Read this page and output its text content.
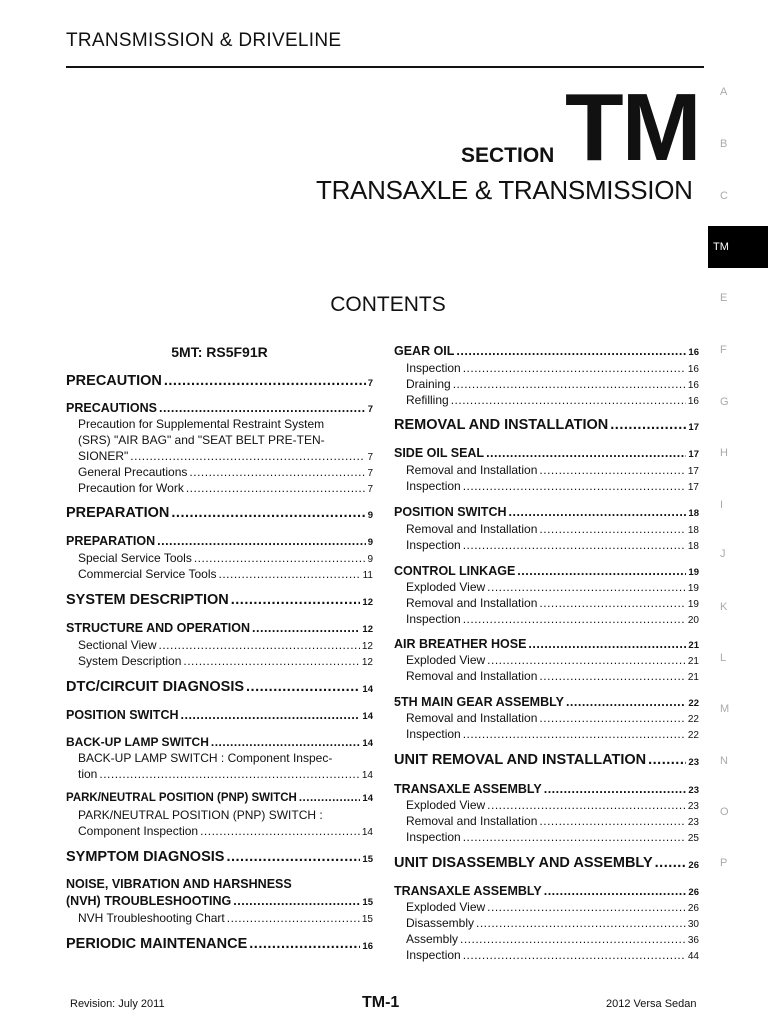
TRANSMISSION & DRIVELINE
SECTION TM
TRANSAXLE & TRANSMISSION
CONTENTS
A
B
C
TM
E
F
G
H
I
J
K
L
M
N
O
P
5MT: RS5F91R
PRECAUTION .....	7
PRECAUTIONS .....	7
Precaution for Supplemental Restraint System
(SRS) "AIR BAG" and "SEAT BELT PRE-TEN-
SIONER" .....	7
General Precautions .....	7
Precaution for Work .....	7
PREPARATION .....	9
PREPARATION .....	9
Special Service Tools .....	9
Commercial Service Tools .....	11
SYSTEM DESCRIPTION .....	12
STRUCTURE AND OPERATION .....	12
Sectional View .....	12
System Description .....	12
DTC/CIRCUIT DIAGNOSIS .....	14
POSITION SWITCH .....	14
BACK-UP LAMP SWITCH .....	14
BACK-UP LAMP SWITCH : Component Inspec-
tion .....	14
PARK/NEUTRAL POSITION (PNP) SWITCH .....	14
PARK/NEUTRAL POSITION (PNP) SWITCH :
Component Inspection .....	14
SYMPTOM DIAGNOSIS .....	15
NOISE, VIBRATION AND HARSHNESS
(NVH) TROUBLESHOOTING .....	15
NVH Troubleshooting Chart .....	15
PERIODIC MAINTENANCE .....	16
GEAR OIL .....	16
Inspection .....	16
Draining .....	16
Refilling .....	16
REMOVAL AND INSTALLATION .....	17
SIDE OIL SEAL .....	17
Removal and Installation .....	17
Inspection .....	17
POSITION SWITCH .....	18
Removal and Installation .....	18
Inspection .....	18
CONTROL LINKAGE .....	19
Exploded View .....	19
Removal and Installation .....	19
Inspection .....	20
AIR BREATHER HOSE .....	21
Exploded View .....	21
Removal and Installation .....	21
5TH MAIN GEAR ASSEMBLY .....	22
Removal and Installation .....	22
Inspection .....	22
UNIT REMOVAL AND INSTALLATION .....	23
TRANSAXLE ASSEMBLY .....	23
Exploded View .....	23
Removal and Installation .....	23
Inspection .....	25
UNIT DISASSEMBLY AND ASSEMBLY .....	26
TRANSAXLE ASSEMBLY .....	26
Exploded View .....	26
Disassembly .....	30
Assembly .....	36
Inspection .....	44
Revision: July 2011	TM-1	2012 Versa Sedan
